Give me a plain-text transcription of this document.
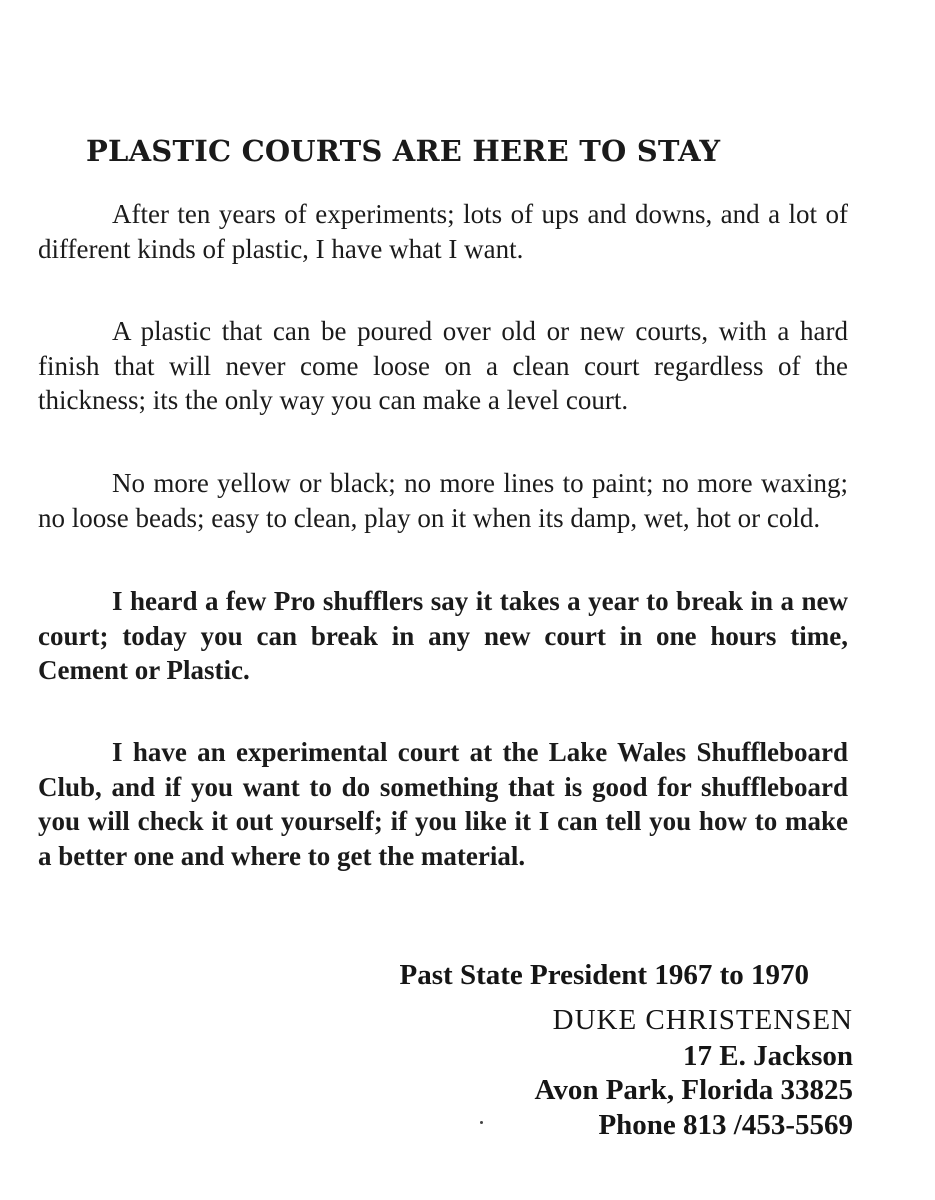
PLASTIC COURTS ARE HERE TO STAY

After ten years of experiments; lots of ups and downs, and a lot of different kinds of plastic, I have what I want.

A plastic that can be poured over old or new courts, with a hard finish that will never come loose on a clean court regardless of the thickness; its the only way you can make a level court.

No more yellow or black; no more lines to paint; no more waxing; no loose beads; easy to clean, play on it when its damp, wet, hot or cold.

I heard a few Pro shufflers say it takes a year to break in a new court; today you can break in any new court in one hours time, Cement or Plastic.

I have an experimental court at the Lake Wales Shuffleboard Club, and if you want to do something that is good for shuffleboard you will check it out yourself; if you like it I can tell you how to make a better one and where to get the material.

Past State President 1967 to 1970

DUKE CHRISTENSEN

17 E. Jackson

Avon Park, Florida 33825

Phone 813 /453-5569
